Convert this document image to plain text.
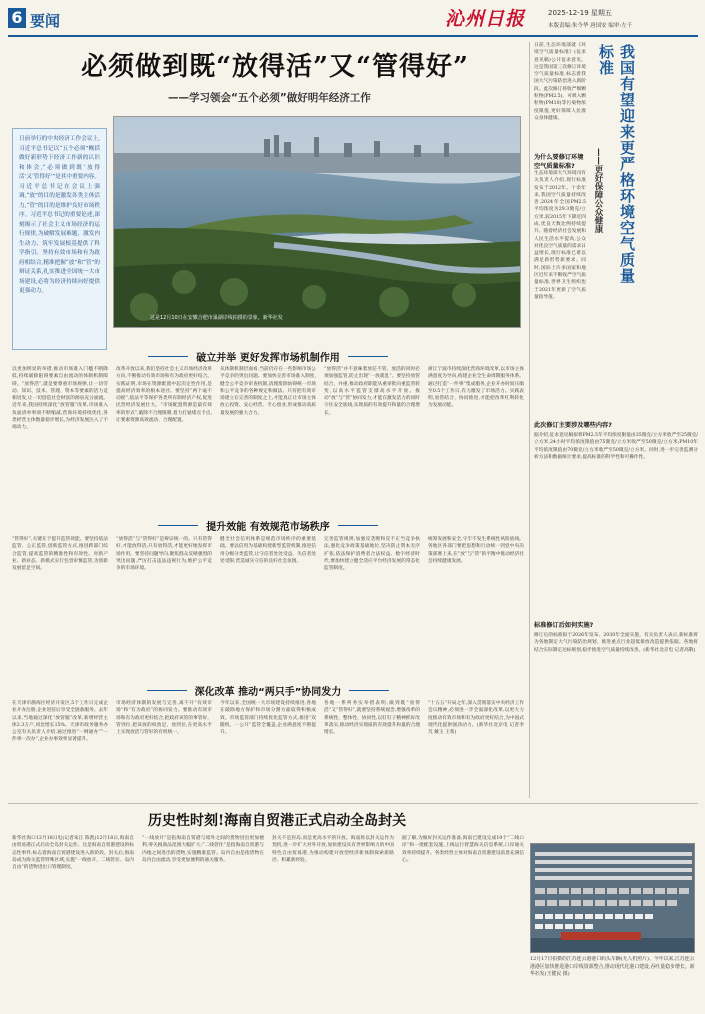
6 要闻	沁州日报	2025-12-19 星期五
本版责编:朱今华 唐国安 编审:左千
必须做到既“放得活”又“管得好”
——学习领会“五个必须”做好明年经济工作
日前举行的中央经济工作会议上,习近平总书记以“五个必须”概括做好新形势下经济工作新的认识和体会,“必须做到既‘放得活’又‘管得好’”是其中重要内容。习近平总书记在会议上强调,“放”的目的是激发各类主体活力,“管”的目的是维护良好市场秩序。习近平总书记的重要论述,深刻揭示了社会主义市场经济的运行规律,为破解发展难题、激发内生动力、筑牢发展根基提供了科学指引。坚持有效市场和有为政府相结合,精准把握“放”和“管”的辩证关系,扎实推进全国统一大市场建设,必将为经济持续向好提供更强动力。
这是12月10日在安徽合肥市巢湖岸线拍摄的景象。新华社发
破立并举 更好发挥市场机制作用
以更加明显的举措,推动市场准入门槛不断降低,持续破除阻碍要素自由流动的体制机制障碍。“放得活”,就是要尊重市场规律,让一切劳动、知识、技术、管理、资本等要素的活力竞相迸发,让一切创造社会财富的源泉充分涌流。近年来,我国持续深化“放管服”改革,市场准入负面清单事项不断缩减,营商环境持续优化,各类经营主体数量稳步增长,为经济发展注入了不竭动力。
改革开放以来,我们坚持社会主义市场经济改革方向,不断推动有效市场和有为政府更好结合。实践证明,市场在资源配置中起决定性作用,是提高经济效率的根本途径。要坚持“两个毫不动摇”,依法平等保护各类所有制经济产权,促进民营经济发展壮大。“市场配置资源是最有效率的形式”,破除不合理限制,着力打通堵点卡点,让要素资源高效流动、合理配置。
从体制机制层面看,当前仍存在一些影响市场公平竞争的突出问题。要加快完善市场准入制度,健全公平竞争审查机制,清理废除妨碍统一市场和公平竞争的各种规定和做法。只有把有效市场建立在完善的制度之上,才能真正让市场主体放心投资、安心经营、专心创业,形成推动高质量发展的强大合力。
“放得活”并不意味着放任不管。放活的同时必须加强监管,防止出现“一放就乱”。要坚持放管结合、并重,推动政府职能从重审批向重监管转变,以高水平监管支撑高水平开放。推动“放”与“管”协同发力,才能在激发活力的同时守住安全底线,实现质的有效提升和量的合理增长。
浙江宁波市持续深化营商环境改革,以市场主体满意度为导向,构建企业全生命周期服务体系。通过打造“一件事”集成服务,企业开办时间压缩至0.5个工作日,有力激发了市场活力。实践表明,放管结合、协同推进,才能把改革红利转化为发展动能。
提升效能 有效规范市场秩序
“管得好”,关键在于提升监管效能。要坚持依法监管、公正监管,创新监管方式,推进跨部门综合监管,提高监管的精准性和有效性。对新产业、新业态、新模式实行包容审慎监管,为创新发展留足空间。
“放得活”与“管得好”是辩证统一的。只有管得好,才能放得活;只有放得活,才能更好地发挥市场作用。要坚持问题导向,聚焦群众反映强烈的突出问题,严厉打击违法违规行为,维护公平竞争的市场环境。
健全社会信用体系是规范市场秩序的重要基础。要以信用为基础构建新型监管机制,推进信用分级分类监管,让守信者处处受益、失信者处处受限,营造诚实守信的良好社会氛围。
完善监管规则,加强反垄断和反不正当竞争执法,强化竞争政策基础地位,坚决防止资本无序扩张,依法保护消费者合法权益。数字经济时代,要加快建立健全适应平台经济发展的常态化监管制度。
统筹发展和安全,守牢不发生系统性风险底线。各地区各部门要把思想和行动统一到党中央决策部署上来,在“放”与“管”的平衡中推动经济社会持续健康发展。
深化改革 推动“两只手”协同发力
在天津市静海区经济开发区,5个工作日完成企业开办注册,企业进驻后享受全链条服务。去年以来,当地通过深化“放管服”改革,新增经营主体2.3万户,同比增长15%。天津市政务服务办公室有关负责人介绍,通过推进“一网通办”“一件事一次办”,企业办事效率显著提升。
市场经济体制的发展与完善,离不开“有效市场”和“有为政府”的协同发力。要推动有效市场和有为政府更好结合,把政府该管的事管好、管到位,把该放的权放足、放到位,在更高水平上实现放活与管好的有机统一。
今年以来,全国统一大市场建设持续推进,各地在破除地方保护和市场分割方面取得积极成效。市场监管部门持续优化监管方式,推进“双随机、一公开”监管全覆盖,企业满意度不断提升。
各地一系列务实举措表明,做到既“放得活”又“管得好”,就要坚持系统观念,增强改革的系统性、整体性、协同性,以钉钉子精神抓好改革落实,推动经济实现质的有效提升和量的合理增长。
“十五五”开局之年,深入贯彻落实中央经济工作会议精神,必须进一步全面深化改革,以更大力度推动有效市场和有为政府更好结合,为中国式现代化提供强劲动力。(新华社北京电 记者李芃 戴玉 王希)
日前,生态环境部就《环境空气质量标准》(征求意见稿)公开征求意见。这是我国第三次修订环境空气质量标准,标志着我国大气污染防治进入新阶段。此次修订将收严细颗粒物(PM2.5)、可吸入颗粒物(PM10)等污染物浓度限值,更好保障人民群众身体健康。
——更好保障公众健康 我国有望迎来更严格环境空气质量标准
为什么要修订环境空气质量标准?
生态环境部大气环境司有关负责人介绍,现行标准发布于2012年。十余年来,我国空气质量持续改善,2024年全国PM2.5平均浓度为29.3微克/立方米,较2015年下降近四成,优良天数比例持续提升。随着经济社会发展和人民生活水平提高,公众对优良空气质量的需求日益增长,现行标准已难以满足新形势新要求。同时,国际上许多国家和地区近年来不断收严空气质量标准,世界卫生组织也于2021年更新了空气质量指导值。
此次修订主要涉及哪些内容?
据介绍,征求意见稿拟将PM2.5年平均浓度限值由35微克/立方米收严至25微克/立方米,24小时平均浓度限值由75微克/立方米收严至50微克/立方米;PM10年平均浓度限值由70微克/立方米收严至50微克/立方米。同时,进一步完善监测分析方法和数据统计要求,提高标准的科学性和可操作性。
标准修订后如何实施?
修订后的标准拟于2026年发布、2030年全面实施。有关负责人表示,新标准将为各地制定大气污染防治规划、推进重点行业超低排放改造提供依据。各地将结合实际制定达标规划,稳步推进空气质量持续改善。(新华社北京电 记者高敬)
历史性时刻!海南自贸港正式启动全岛封关
新华社海口12月18日电(记者朱江 陈凯)12月18日,海南自由贸易港正式启动全岛封关运作。这是海南自贸港建设的标志性事件,标志着海南自贸港建设进入新阶段。封关后,海南岛成为海关监管特殊区域,实施“一线放开、二线管住、岛内自由”的货物进出口管理制度。
“一线放开”是指海南自贸港与境外之间的货物进出更加便利,零关税商品范围大幅扩大;“二线管住”是指海南自贸港与内地之间进出的货物,实施精准监管。岛内自由是指货物在岛内自由流动,享受更加便利的通关服务。
封关不是封岛,而是更高水平的开放。海南将以封关运作为契机,进一步扩大对外开放,加快建设具有世界影响力的中国特色自由贸易港,为推动构建开放型经济新体制探索新路径、积累新经验。
据了解,为做好封关运作准备,海南已建设完成10个“二线口岸”和一批配套设施,上线运行智慧海关信息系统,口岸通关效率持续提升。各类经营主体对海南自贸港建设前景充满信心。
12月17日拍摄的江苏连云港港口码头车辆(无人机照片)。今年以来,江苏连云港港区加快推进港口岸线资源整合,推动现代化港口建设,吞吐量稳步增长。新华社发(王健民 摄)
